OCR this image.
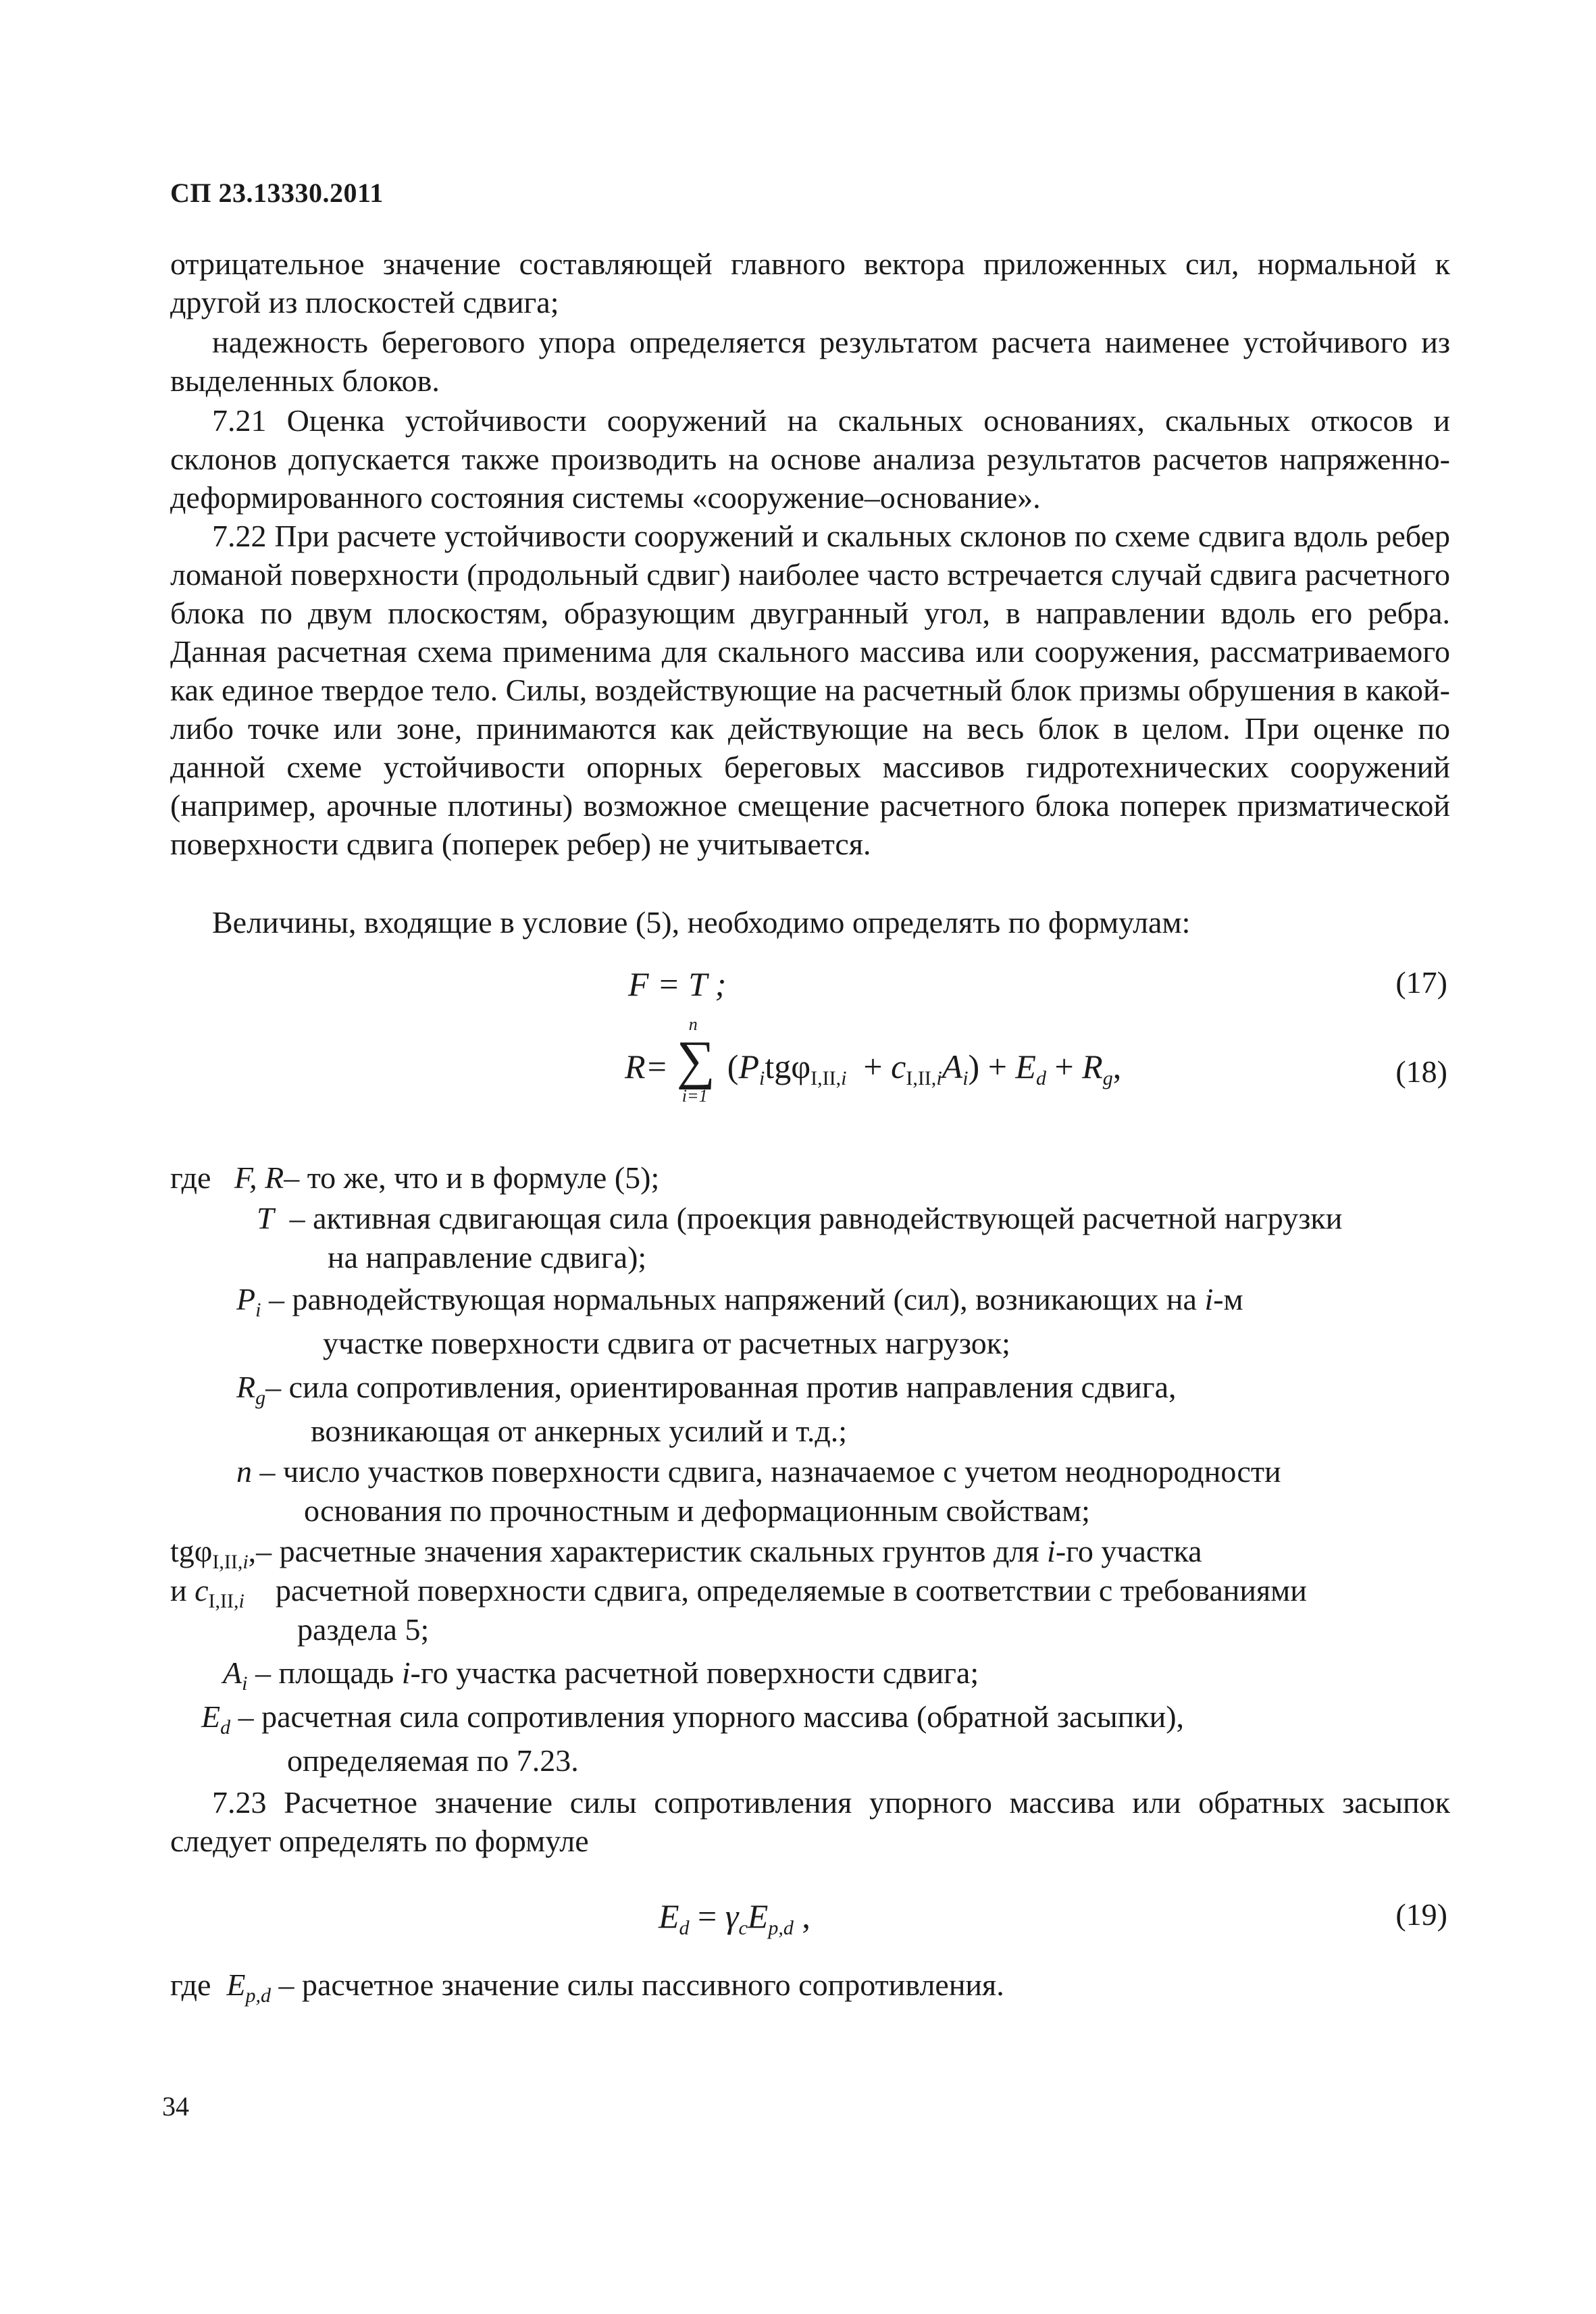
СП 23.13330.2011

отрицательное значение составляющей главного вектора приложенных сил, нормальной к другой из плоскостей сдвига;

надежность берегового упора определяется результатом расчета наименее устойчивого из выделенных блоков.

7.21 Оценка устойчивости сооружений на скальных основаниях, скальных откосов и склонов допускается также производить на основе анализа результатов расчетов напряженно-деформированного состояния системы «сооружение–основание».

7.22 При расчете устойчивости сооружений и скальных склонов по схеме сдвига вдоль ребер ломаной поверхности (продольный сдвиг) наиболее часто встречается случай сдвига расчетного блока по двум плоскостям, образующим двугранный угол, в направлении вдоль его ребра. Данная расчетная схема применима для скального массива или сооружения, рассматриваемого как единое твердое тело. Силы, воздействующие на расчетный блок призмы обрушения в какой-либо точке или зоне, принимаются как действующие на весь блок в целом. При оценке по данной схеме устойчивости опорных береговых массивов гидротехнических сооружений (например, арочные плотины) возможное смещение расчетного блока поперек призматической поверхности сдвига (поперек ребер) не учитывается.

Величины, входящие в условие (5), необходимо определять по формулам:

F = T ;	(17)
R=
n
∑
i=1
$(P_itg\varphi_{I,II,i} + c_{I,II,i}A_i) + E_d + R_g$,	(18)
где F, R– то же, что и в формуле (5);
T – активная сдвигающая сила (проекция равнодействующей расчетной нагрузки
на направление сдвига);
$P_i$ – равнодействующая нормальных напряжений (сил), возникающих на i-м
участке поверхности сдвига от расчетных нагрузок;
$R_g-$ сила сопротивления, ориентированная против направления сдвига,
возникающая от анкерных усилий и т.д.;
n – число участков поверхности сдвига, назначаемое с учетом неоднородности
основания по прочностным и деформационным свойствам;
tgφ$_{I,II,i}$,– расчетные значения характеристик скальных грунтов для i-го участка
и $c_{I,II,i}$ расчетной поверхности сдвига, определяемые в соответствии с требованиями
раздела 5;
$A_i$ – площадь i-го участка расчетной поверхности сдвига;
$E_d$ – расчетная сила сопротивления упорного массива (обратной засыпки),
определяемая по 7.23.

7.23 Расчетное значение силы сопротивления упорного массива или обратных засыпок следует определять по формуле

$E_d = \gamma_cE_{p,d}$ ,	(19)
где $E_{p,d}$ – расчетное значение силы пассивного сопротивления.
34
